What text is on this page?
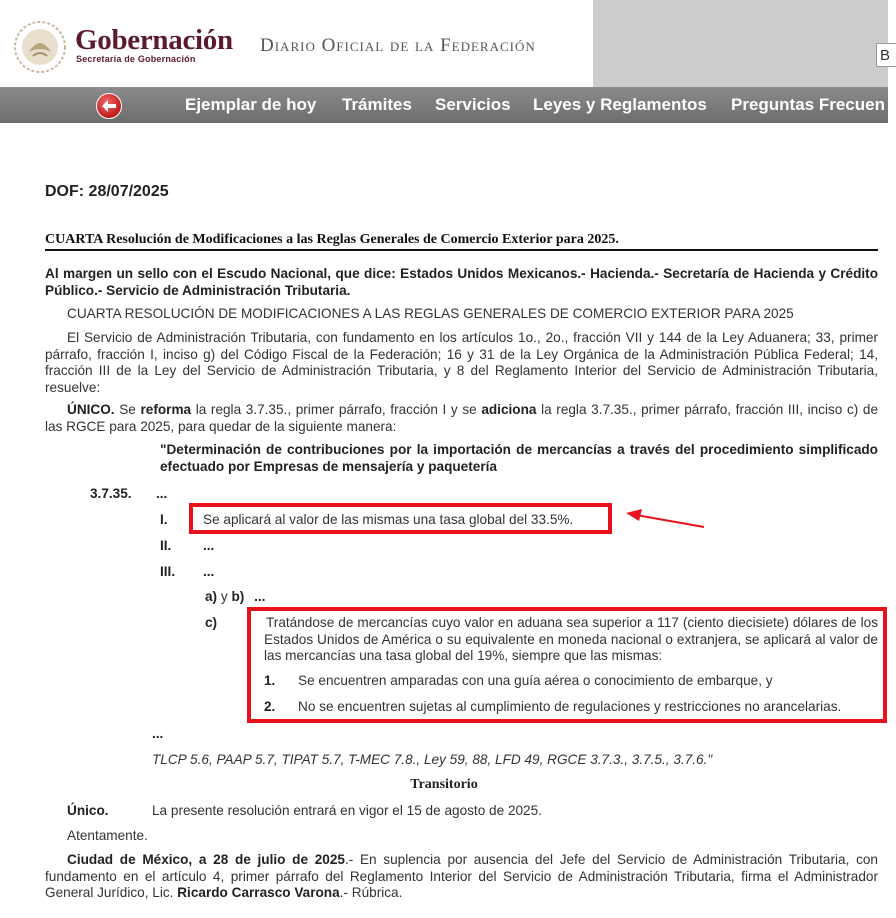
Gobernación
Secretaría de Gobernación
Diario Oficial de la Federación	B
Ejemplar de hoy Trámites Servicios Leyes y Reglamentos Preguntas Frecuen
DOF: 28/07/2025
CUARTA Resolución de Modificaciones a las Reglas Generales de Comercio Exterior para 2025.
Al margen un sello con el Escudo Nacional, que dice: Estados Unidos Mexicanos.- Hacienda.- Secretaría de Hacienda y Crédito Público.- Servicio de Administración Tributaria.
CUARTA RESOLUCIÓN DE MODIFICACIONES A LAS REGLAS GENERALES DE COMERCIO EXTERIOR PARA 2025
El Servicio de Administración Tributaria, con fundamento en los artículos 1o., 2o., fracción VII y 144 de la Ley Aduanera; 33, primer párrafo, fracción I, inciso g) del Código Fiscal de la Federación; 16 y 31 de la Ley Orgánica de la Administración Pública Federal; 14, fracción III de la Ley del Servicio de Administración Tributaria, y 8 del Reglamento Interior del Servicio de Administración Tributaria, resuelve:
ÚNICO. Se reforma la regla 3.7.35., primer párrafo, fracción I y se adiciona la regla 3.7.35., primer párrafo, fracción III, inciso c) de las RGCE para 2025, para quedar de la siguiente manera:
"Determinación de contribuciones por la importación de mercancías a través del procedimiento simplificado efectuado por Empresas de mensajería y paquetería
3.7.35. ...
I.	Se aplicará al valor de las mismas una tasa global del 33.5%.
II. ...
III. ...
a) y b) ...
c)	Tratándose de mercancías cuyo valor en aduana sea superior a 117 (ciento diecisiete) dólares de los Estados Unidos de América o su equivalente en moneda nacional o extranjera, se aplicará al valor de las mercancías una tasa global del 19%, siempre que las mismas:
1. Se encuentren amparadas con una guía aérea o conocimiento de embarque, y
2. No se encuentren sujetas al cumplimiento de regulaciones y restricciones no arancelarias.
...
TLCP 5.6, PAAP 5.7, TIPAT 5.7, T-MEC 7.8., Ley 59, 88, LFD 49, RGCE 3.7.3., 3.7.5., 3.7.6."
Transitorio
Único.	La presente resolución entrará en vigor el 15 de agosto de 2025.
Atentamente.
Ciudad de México, a 28 de julio de 2025.- En suplencia por ausencia del Jefe del Servicio de Administración Tributaria, con fundamento en el artículo 4, primer párrafo del Reglamento Interior del Servicio de Administración Tributaria, firma el Administrador General Jurídico, Lic. Ricardo Carrasco Varona.- Rúbrica.
